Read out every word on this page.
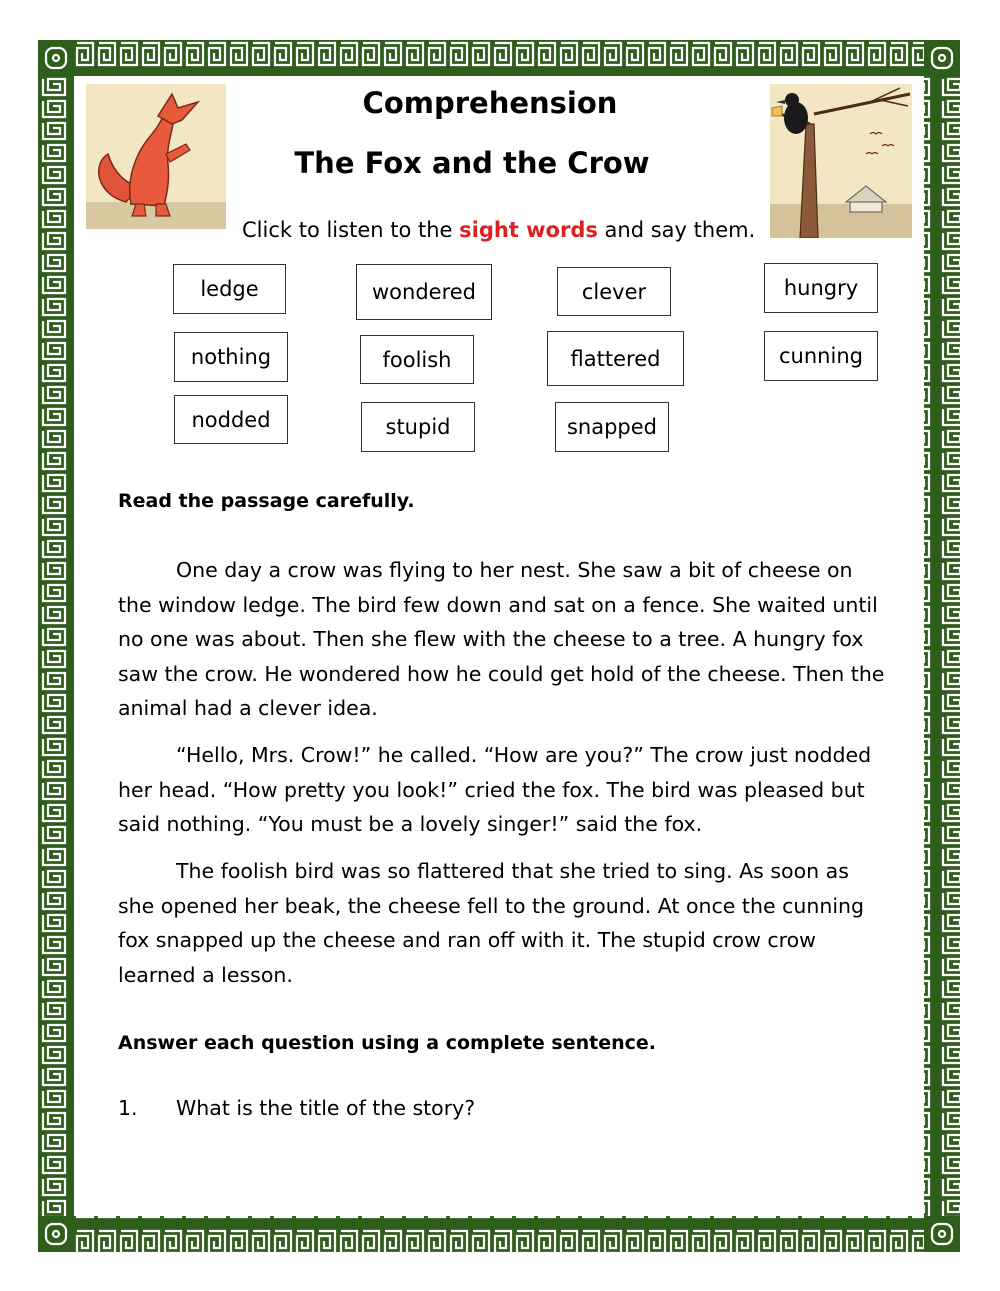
Comprehension
The Fox and the Crow
Click to listen to the sight words and say them.
ledge	wondered	clever	hungry
nothing	foolish	flattered	cunning
nodded	stupid	snapped
Read the passage carefully.
One day a crow was flying to her nest. She saw a bit of cheese on the window ledge. The bird few down and sat on a fence. She waited until no one was about. Then she flew with the cheese to a tree. A hungry fox saw the crow. He wondered how he could get hold of the cheese. Then the animal had a clever idea.
“Hello, Mrs. Crow!” he called. “How are you?” The crow just nodded her head. “How pretty you look!” cried the fox. The bird was pleased but said nothing. “You must be a lovely singer!” said the fox.
The foolish bird was so flattered that she tried to sing. As soon as she opened her beak, the cheese fell to the ground. At once the cunning fox snapped up the cheese and ran off with it. The stupid crow crow learned a lesson.
Answer each question using a complete sentence.
1. What is the title of the story?
